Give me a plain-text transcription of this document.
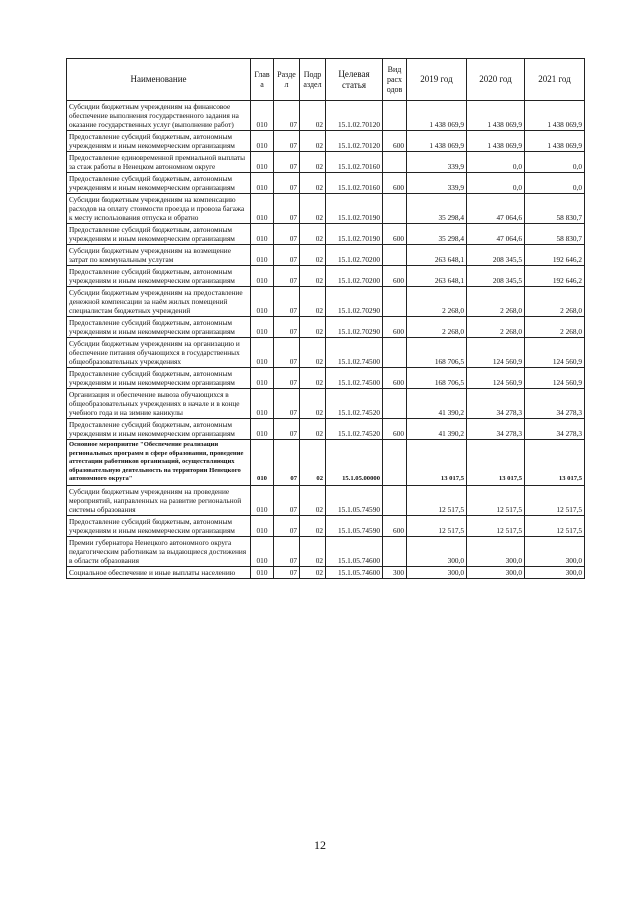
Наименование	Глав а	Разде л	Подр аздел	Целевая статья	Вид расх одов	2019 год	2020 год	2021 год
Субсидии бюджетным учреждениям на финансовое обеспечение выполнения государственного задания на оказание государственных услуг (выполнение работ)	010	07	02	15.1.02.70120		1 438 069,9	1 438 069,9	1 438 069,9
Предоставление субсидий бюджетным, автономным учреждениям и иным некоммерческим организациям	010	07	02	15.1.02.70120	600	1 438 069,9	1 438 069,9	1 438 069,9
Предоставление единовременной премиальной выплаты за стаж работы в Ненецком автономном округе	010	07	02	15.1.02.70160		339,9	0,0	0,0
Предоставление субсидий бюджетным, автономным учреждениям и иным некоммерческим организациям	010	07	02	15.1.02.70160	600	339,9	0,0	0,0
Субсидии бюджетным учреждениям на компенсацию расходов на оплату стоимости проезда и провоза багажа к месту использования отпуска и обратно	010	07	02	15.1.02.70190		35 298,4	47 064,6	58 830,7
Предоставление субсидий бюджетным, автономным учреждениям и иным некоммерческим организациям	010	07	02	15.1.02.70190	600	35 298,4	47 064,6	58 830,7
Субсидии бюджетным учреждениям на возмещение затрат по коммунальным услугам	010	07	02	15.1.02.70200		263 648,1	208 345,5	192 646,2
Предоставление субсидий бюджетным, автономным учреждениям и иным некоммерческим организациям	010	07	02	15.1.02.70200	600	263 648,1	208 345,5	192 646,2
Субсидии бюджетным учреждениям на предоставление денежной компенсации за наём жилых помещений специалистам бюджетных учреждений	010	07	02	15.1.02.70290		2 268,0	2 268,0	2 268,0
Предоставление субсидий бюджетным, автономным учреждениям и иным некоммерческим организациям	010	07	02	15.1.02.70290	600	2 268,0	2 268,0	2 268,0
Субсидии бюджетным учреждениям на организацию и обеспечение питания обучающихся в государственных общеобразовательных учреждениях	010	07	02	15.1.02.74500		168 706,5	124 560,9	124 560,9
Предоставление субсидий бюджетным, автономным учреждениям и иным некоммерческим организациям	010	07	02	15.1.02.74500	600	168 706,5	124 560,9	124 560,9
Организация и обеспечение вывоза обучающихся в общеобразовательных учреждениях в начале и в конце учебного года и на зимние каникулы	010	07	02	15.1.02.74520		41 390,2	34 278,3	34 278,3
Предоставление субсидий бюджетным, автономным учреждениям и иным некоммерческим организациям	010	07	02	15.1.02.74520	600	41 390,2	34 278,3	34 278,3
Основное мероприятие "Обеспечение реализации региональных программ в сфере образования, проведение аттестации работников организаций, осуществляющих образовательную деятельность на территории Ненецкого автономного округа"	010	07	02	15.1.05.00000		13 017,5	13 017,5	13 017,5
Субсидии бюджетным учреждениям на проведение мероприятий, направленных на развитие региональной системы образования	010	07	02	15.1.05.74590		12 517,5	12 517,5	12 517,5
Предоставление субсидий бюджетным, автономным учреждениям и иным некоммерческим организациям	010	07	02	15.1.05.74590	600	12 517,5	12 517,5	12 517,5
Премии губернатора Ненецкого автономного округа педагогическим работникам за выдающиеся достижения в области образования	010	07	02	15.1.05.74600		300,0	300,0	300,0
Социальное обеспечение и иные выплаты населению	010	07	02	15.1.05.74600	300	300,0	300,0	300,0
12
